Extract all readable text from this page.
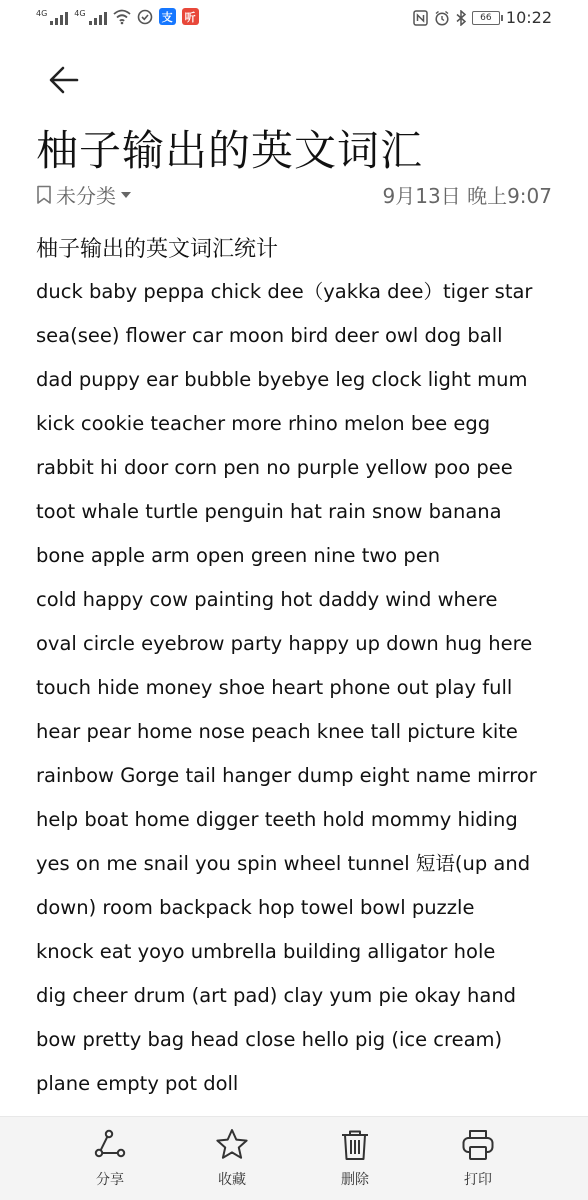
4G	4G	支 听	66 10:22
柚子输出的英文词汇
未分类	9月13日 晚上9:07
柚子输出的英文词汇统计
duck baby peppa chick dee（yakka dee）tiger star
sea(see) flower car moon bird deer owl dog ball
dad puppy ear bubble byebye leg clock light mum
kick cookie teacher more rhino melon bee egg
rabbit hi door corn pen no purple yellow poo pee
toot whale turtle penguin hat rain snow banana
bone apple arm open green nine two pen
cold happy cow painting hot daddy wind where
oval circle eyebrow party happy up down hug here
touch hide money shoe heart phone out play full
hear pear home nose peach knee tall picture kite
rainbow Gorge tail hanger dump eight name mirror
help boat home digger teeth hold mommy hiding
yes on me snail you spin wheel tunnel 短语(up and
down) room backpack hop towel bowl puzzle
knock eat yoyo umbrella building alligator hole
dig cheer drum (art pad) clay yum pie okay hand
bow pretty bag head close hello pig (ice cream)
plane empty pot doll
分享	收藏	删除	打印
